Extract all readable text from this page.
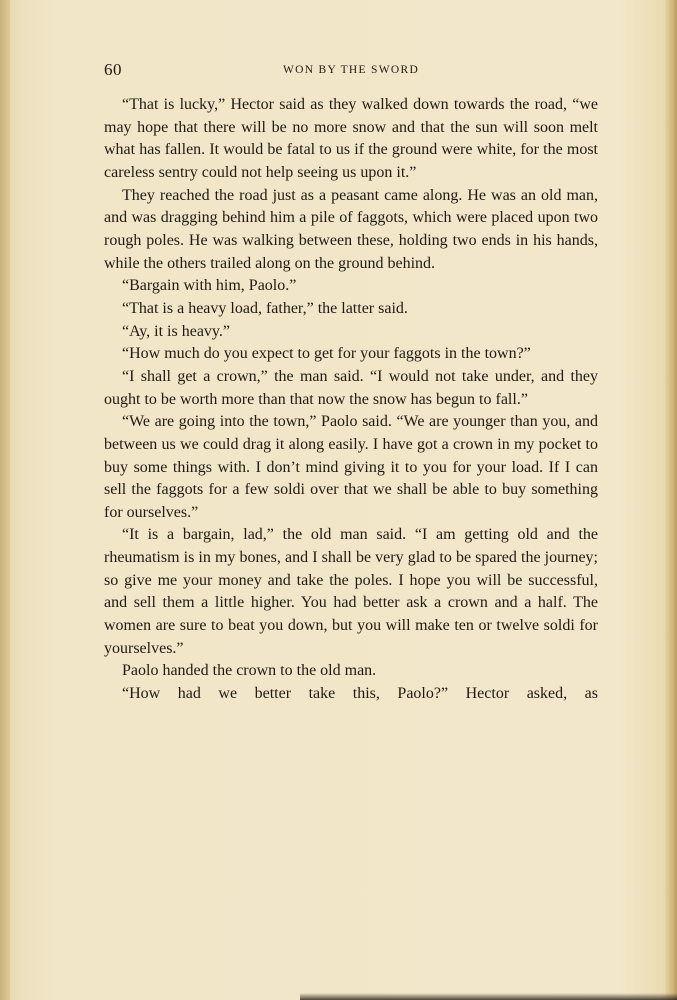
60	WON BY THE SWORD

“That is lucky,” Hector said as they walked down towards the road, “we may hope that there will be no more snow and that the sun will soon melt what has fallen. It would be fatal to us if the ground were white, for the most careless sentry could not help seeing us upon it.”

They reached the road just as a peasant came along. He was an old man, and was dragging behind him a pile of faggots, which were placed upon two rough poles. He was walking between these, holding two ends in his hands, while the others trailed along on the ground behind.

“Bargain with him, Paolo.”

“That is a heavy load, father,” the latter said.

“Ay, it is heavy.”

“How much do you expect to get for your faggots in the town?”

“I shall get a crown,” the man said. “I would not take under, and they ought to be worth more than that now the snow has begun to fall.”

“We are going into the town,” Paolo said. “We are younger than you, and between us we could drag it along easily. I have got a crown in my pocket to buy some things with. I don’t mind giving it to you for your load. If I can sell the faggots for a few soldi over that we shall be able to buy something for ourselves.”

“It is a bargain, lad,” the old man said. “I am getting old and the rheumatism is in my bones, and I shall be very glad to be spared the journey; so give me your money and take the poles. I hope you will be successful, and sell them a little higher. You had better ask a crown and a half. The women are sure to beat you down, but you will make ten or twelve soldi for yourselves.”

Paolo handed the crown to the old man.

“How had we better take this, Paolo?” Hector asked, as
